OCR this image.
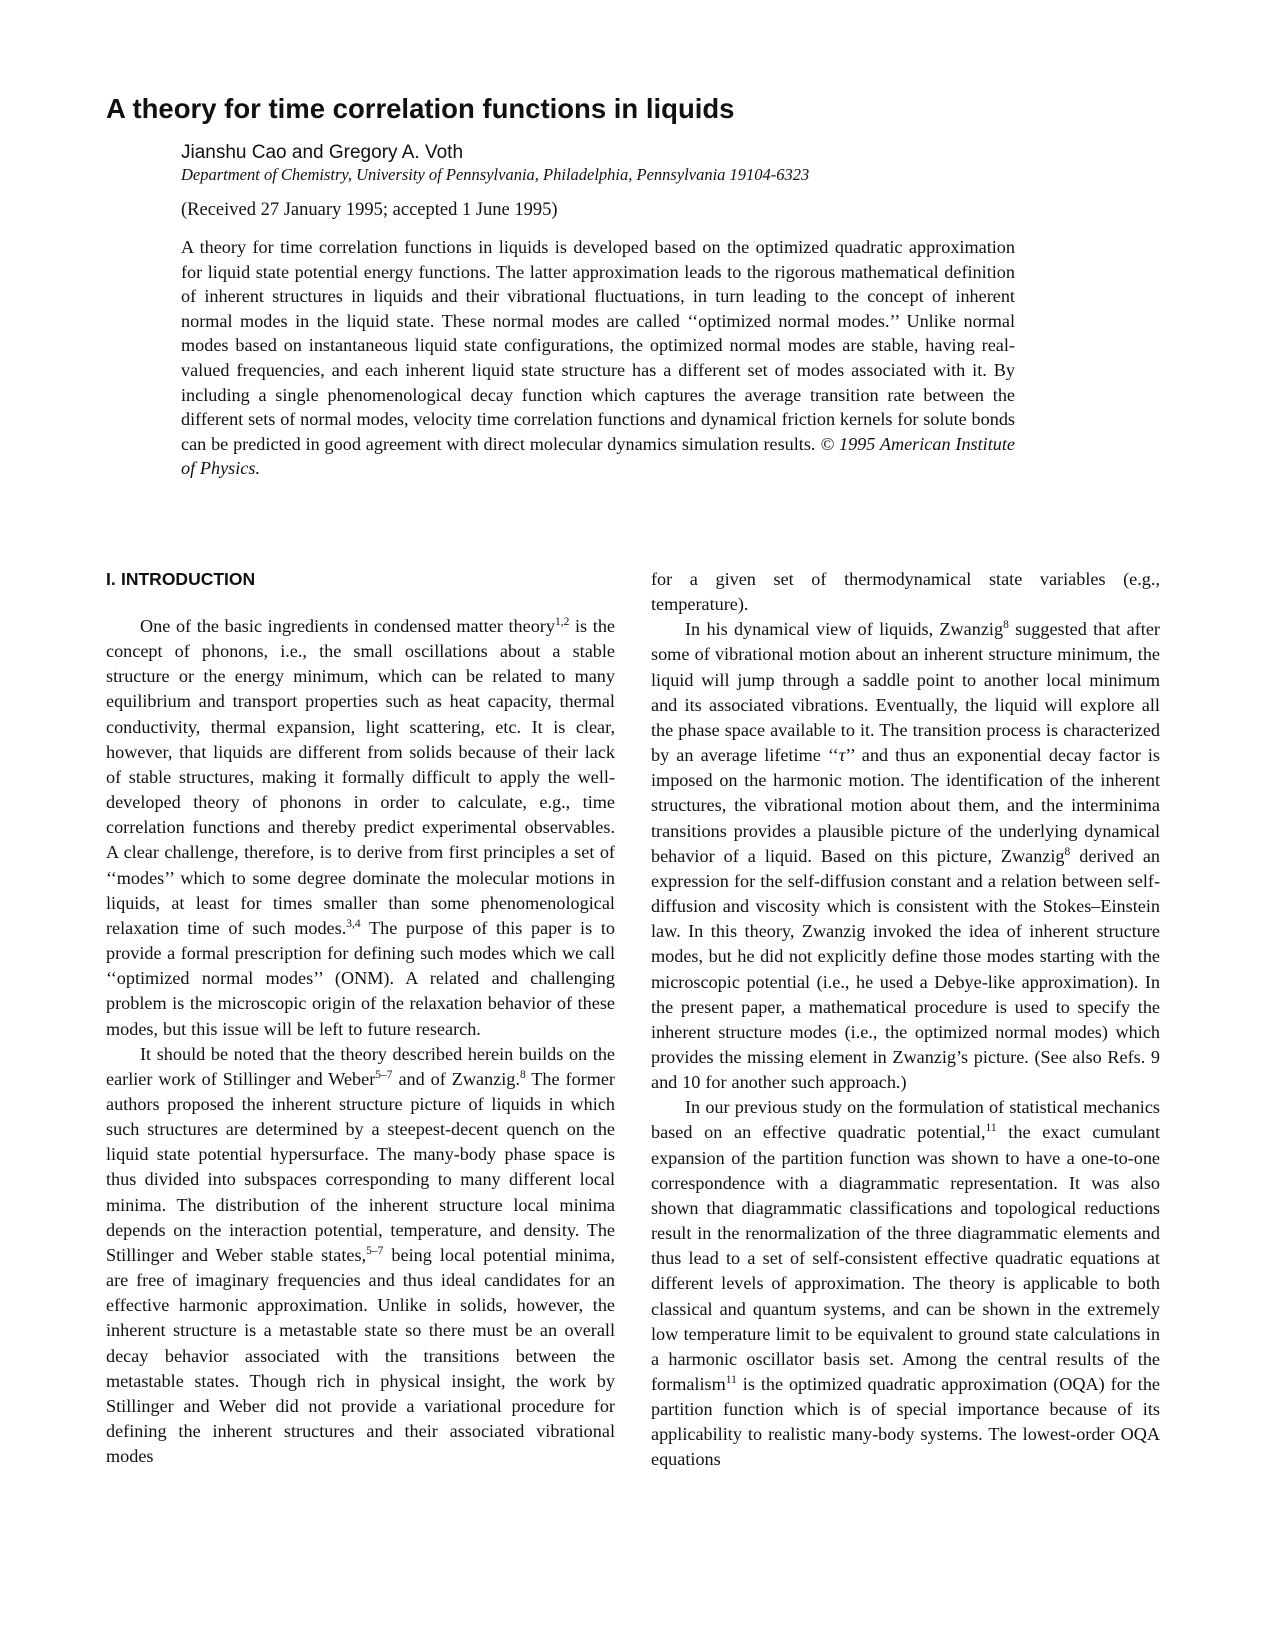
A theory for time correlation functions in liquids
Jianshu Cao and Gregory A. Voth
Department of Chemistry, University of Pennsylvania, Philadelphia, Pennsylvania 19104-6323
(Received 27 January 1995; accepted 1 June 1995)

A theory for time correlation functions in liquids is developed based on the optimized quadratic approximation for liquid state potential energy functions. The latter approximation leads to the rigorous mathematical definition of inherent structures in liquids and their vibrational fluctuations, in turn leading to the concept of inherent normal modes in the liquid state. These normal modes are called ‘‘optimized normal modes.’’ Unlike normal modes based on instantaneous liquid state configurations, the optimized normal modes are stable, having real-valued frequencies, and each inherent liquid state structure has a different set of modes associated with it. By including a single phenomenological decay function which captures the average transition rate between the different sets of normal modes, velocity time correlation functions and dynamical friction kernels for solute bonds can be predicted in good agreement with direct molecular dynamics simulation results. © 1995 American Institute of Physics.

I. INTRODUCTION

One of the basic ingredients in condensed matter theory$^{1,2}$ is the concept of phonons, i.e., the small oscillations about a stable structure or the energy minimum, which can be related to many equilibrium and transport properties such as heat capacity, thermal conductivity, thermal expansion, light scattering, etc. It is clear, however, that liquids are different from solids because of their lack of stable structures, making it formally difficult to apply the well-developed theory of phonons in order to calculate, e.g., time correlation functions and thereby predict experimental observables. A clear challenge, therefore, is to derive from first principles a set of ‘‘modes’’ which to some degree dominate the molecular motions in liquids, at least for times smaller than some phenomenological relaxation time of such modes.$^{3,4}$ The purpose of this paper is to provide a formal prescription for defining such modes which we call ‘‘optimized normal modes’’ (ONM). A related and challenging problem is the microscopic origin of the relaxation behavior of these modes, but this issue will be left to future research.

It should be noted that the theory described herein builds on the earlier work of Stillinger and Weber$^{5-7}$ and of Zwanzig.$^8$ The former authors proposed the inherent structure picture of liquids in which such structures are determined by a steepest-decent quench on the liquid state potential hypersurface. The many-body phase space is thus divided into subspaces corresponding to many different local minima. The distribution of the inherent structure local minima depends on the interaction potential, temperature, and density. The Stillinger and Weber stable states,$^{5-7}$ being local potential minima, are free of imaginary frequencies and thus ideal candidates for an effective harmonic approximation. Unlike in solids, however, the inherent structure is a metastable state so there must be an overall decay behavior associated with the transitions between the metastable states. Though rich in physical insight, the work by Stillinger and Weber did not provide a variational procedure for defining the inherent structures and their associated vibrational modes

for a given set of thermodynamical state variables (e.g., temperature).

In his dynamical view of liquids, Zwanzig$^8$ suggested that after some of vibrational motion about an inherent structure minimum, the liquid will jump through a saddle point to another local minimum and its associated vibrations. Eventually, the liquid will explore all the phase space available to it. The transition process is characterized by an average lifetime ‘‘τ’’ and thus an exponential decay factor is imposed on the harmonic motion. The identification of the inherent structures, the vibrational motion about them, and the interminima transitions provides a plausible picture of the underlying dynamical behavior of a liquid. Based on this picture, Zwanzig$^8$ derived an expression for the self-diffusion constant and a relation between self-diffusion and viscosity which is consistent with the Stokes–Einstein law. In this theory, Zwanzig invoked the idea of inherent structure modes, but he did not explicitly define those modes starting with the microscopic potential (i.e., he used a Debye-like approximation). In the present paper, a mathematical procedure is used to specify the inherent structure modes (i.e., the optimized normal modes) which provides the missing element in Zwanzig’s picture. (See also Refs. 9 and 10 for another such approach.)

In our previous study on the formulation of statistical mechanics based on an effective quadratic potential,$^{11}$ the exact cumulant expansion of the partition function was shown to have a one-to-one correspondence with a diagrammatic representation. It was also shown that diagrammatic classifications and topological reductions result in the renormalization of the three diagrammatic elements and thus lead to a set of self-consistent effective quadratic equations at different levels of approximation. The theory is applicable to both classical and quantum systems, and can be shown in the extremely low temperature limit to be equivalent to ground state calculations in a harmonic oscillator basis set. Among the central results of the formalism$^{11}$ is the optimized quadratic approximation (OQA) for the partition function which is of special importance because of its applicability to realistic many-body systems. The lowest-order OQA equations
